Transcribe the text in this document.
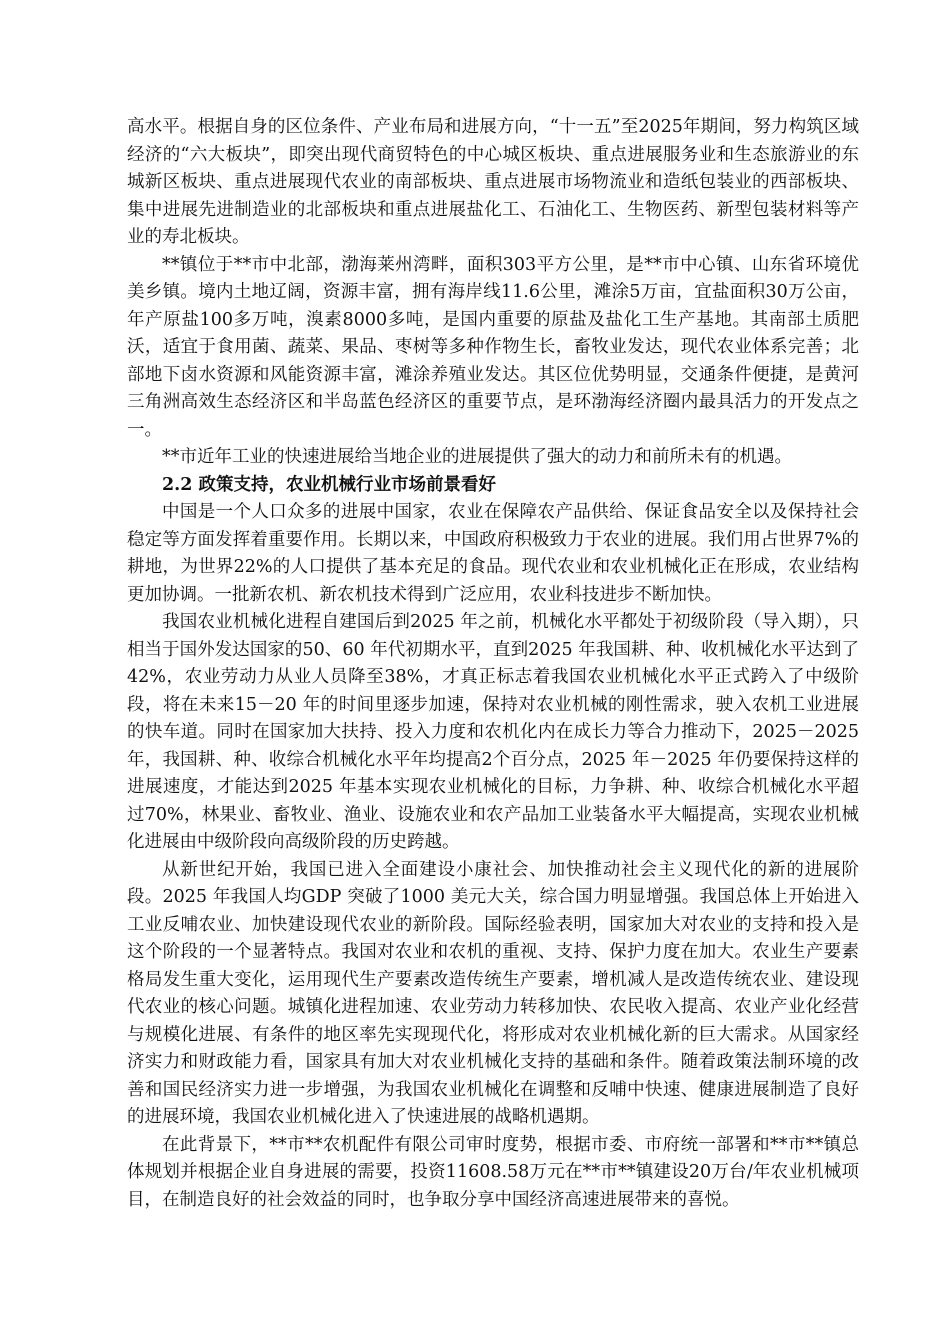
高水平。根据自身的区位条件、产业布局和进展方向，“十一五”至2025年期间，努力构筑区域经济的“六大板块”，即突出现代商贸特色的中心城区板块、重点进展服务业和生态旅游业的东城新区板块、重点进展现代农业的南部板块、重点进展市场物流业和造纸包装业的西部板块、集中进展先进制造业的北部板块和重点进展盐化工、石油化工、生物医药、新型包装材料等产业的寿北板块。

**镇位于**市中北部，渤海莱州湾畔，面积303平方公里，是**市中心镇、山东省环境优美乡镇。境内土地辽阔，资源丰富，拥有海岸线11.6公里，滩涂5万亩，宜盐面积30万公亩，年产原盐100多万吨，溴素8000多吨，是国内重要的原盐及盐化工生产基地。其南部土质肥沃，适宜于食用菌、蔬菜、果品、枣树等多种作物生长，畜牧业发达，现代农业体系完善；北部地下卤水资源和风能资源丰富，滩涂养殖业发达。其区位优势明显，交通条件便捷，是黄河三角洲高效生态经济区和半岛蓝色经济区的重要节点，是环渤海经济圈内最具活力的开发点之一。

**市近年工业的快速进展给当地企业的进展提供了强大的动力和前所未有的机遇。

2.2 政策支持，农业机械行业市场前景看好

中国是一个人口众多的进展中国家，农业在保障农产品供给、保证食品安全以及保持社会稳定等方面发挥着重要作用。长期以来，中国政府积极致力于农业的进展。我们用占世界7%的耕地，为世界22%的人口提供了基本充足的食品。现代农业和农业机械化正在形成，农业结构更加协调。一批新农机、新农机技术得到广泛应用，农业科技进步不断加快。

我国农业机械化进程自建国后到2025 年之前，机械化水平都处于初级阶段（导入期），只相当于国外发达国家的50、60 年代初期水平，直到2025 年我国耕、种、收机械化水平达到了42%，农业劳动力从业人员降至38%，才真正标志着我国农业机械化水平正式跨入了中级阶段，将在未来15－20 年的时间里逐步加速，保持对农业机械的刚性需求，驶入农机工业进展的快车道。同时在国家加大扶持、投入力度和农机化内在成长力等合力推动下，2025－2025年，我国耕、种、收综合机械化水平年均提高2个百分点，2025 年－2025 年仍要保持这样的进展速度，才能达到2025 年基本实现农业机械化的目标，力争耕、种、收综合机械化水平超过70%，林果业、畜牧业、渔业、设施农业和农产品加工业装备水平大幅提高，实现农业机械化进展由中级阶段向高级阶段的历史跨越。

从新世纪开始，我国已进入全面建设小康社会、加快推动社会主义现代化的新的进展阶段。2025 年我国人均GDP 突破了1000 美元大关，综合国力明显增强。我国总体上开始进入工业反哺农业、加快建设现代农业的新阶段。国际经验表明，国家加大对农业的支持和投入是这个阶段的一个显著特点。我国对农业和农机的重视、支持、保护力度在加大。农业生产要素格局发生重大变化，运用现代生产要素改造传统生产要素，增机减人是改造传统农业、建设现代农业的核心问题。城镇化进程加速、农业劳动力转移加快、农民收入提高、农业产业化经营与规模化进展、有条件的地区率先实现现代化，将形成对农业机械化新的巨大需求。从国家经济实力和财政能力看，国家具有加大对农业机械化支持的基础和条件。随着政策法制环境的改善和国民经济实力进一步增强，为我国农业机械化在调整和反哺中快速、健康进展制造了良好的进展环境，我国农业机械化进入了快速进展的战略机遇期。

在此背景下，**市**农机配件有限公司审时度势，根据市委、市府统一部署和**市**镇总体规划并根据企业自身进展的需要，投资11608.58万元在**市**镇建设20万台/年农业机械项目，在制造良好的社会效益的同时，也争取分享中国经济高速进展带来的喜悦。
